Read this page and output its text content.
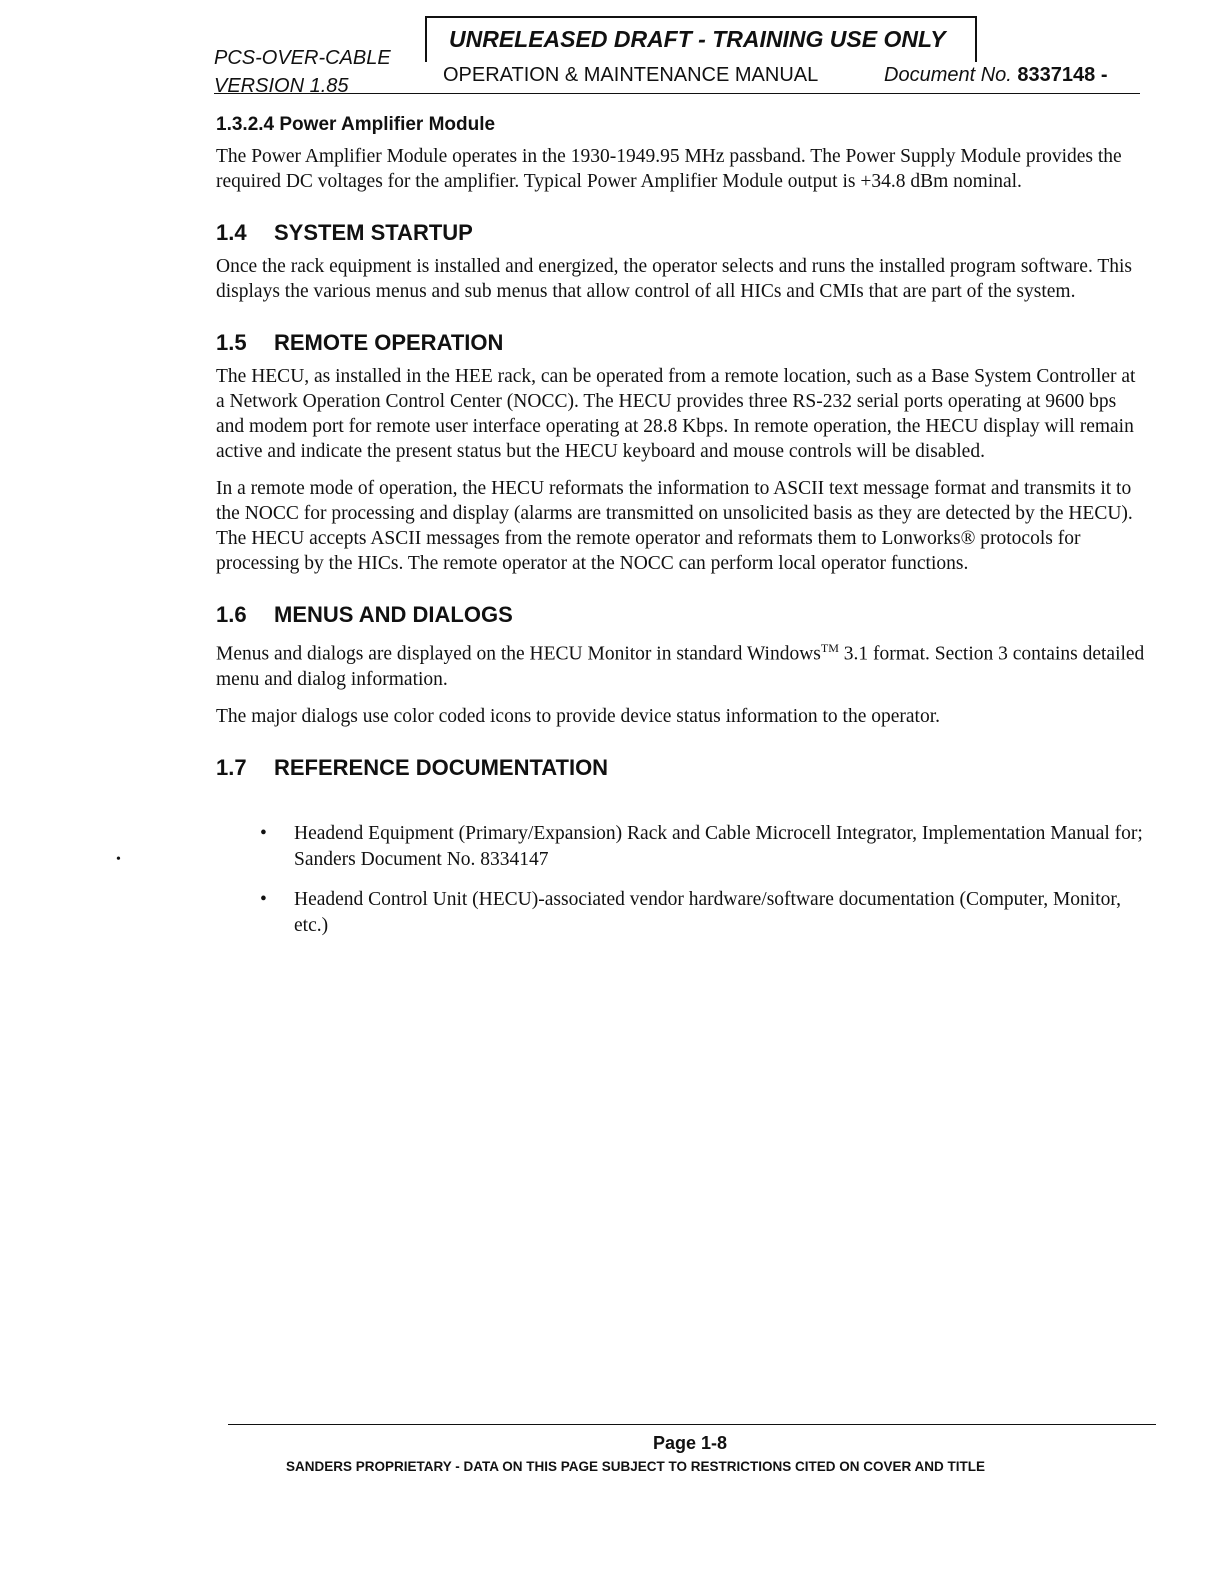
PCS-OVER-CABLE
VERSION 1.85
UNRELEASED DRAFT - TRAINING USE ONLY
OPERATION & MAINTENANCE MANUAL	Document No. 8337148 -
1.3.2.4 Power Amplifier Module

The Power Amplifier Module operates in the 1930-1949.95 MHz passband. The Power Supply Module provides the required DC voltages for the amplifier. Typical Power Amplifier Module output is +34.8 dBm nominal.

1.4 SYSTEM STARTUP

Once the rack equipment is installed and energized, the operator selects and runs the installed program software. This displays the various menus and sub menus that allow control of all HICs and CMIs that are part of the system.

1.5 REMOTE OPERATION

The HECU, as installed in the HEE rack, can be operated from a remote location, such as a Base System Controller at a Network Operation Control Center (NOCC). The HECU provides three RS-232 serial ports operating at 9600 bps and modem port for remote user interface operating at 28.8 Kbps. In remote operation, the HECU display will remain active and indicate the present status but the HECU keyboard and mouse controls will be disabled.

In a remote mode of operation, the HECU reformats the information to ASCII text message format and transmits it to the NOCC for processing and display (alarms are transmitted on unsolicited basis as they are detected by the HECU). The HECU accepts ASCII messages from the remote operator and reformats them to Lonworks® protocols for processing by the HICs. The remote operator at the NOCC can perform local operator functions.

1.6 MENUS AND DIALOGS

Menus and dialogs are displayed on the HECU Monitor in standard Windows™ 3.1 format. Section 3 contains detailed menu and dialog information.

The major dialogs use color coded icons to provide device status information to the operator.

1.7 REFERENCE DOCUMENTATION
• Headend Equipment (Primary/Expansion) Rack and Cable Microcell Integrator, Implementation Manual for; Sanders Document No. 8334147
• Headend Control Unit (HECU)-associated vendor hardware/software documentation (Computer, Monitor, etc.)
•
Page 1-8
SANDERS PROPRIETARY - DATA ON THIS PAGE SUBJECT TO RESTRICTIONS CITED ON COVER AND TITLE
